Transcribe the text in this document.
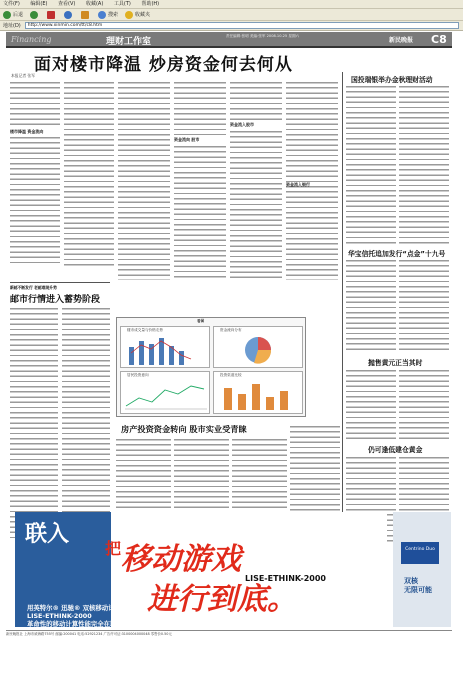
文件(F) 编辑(E) 查看(V) 收藏(A) 工具(T) 帮助(H)
后退	搜索	收藏夹
地址(D)	http://www.xinmin.com/tt/c8.htm
Financing	理财工作室
责任编辑:张明 美编:张军 2008.10.25 星期六
新民晚报 C8
面对楼市降温 炒房资金何去何从
本报记者 张军
楼市降温 资金流向
资金流向 股市
资金流入股市
资金流入银行
国投瑞银举办金秋理财活动
华宝信托追加发行“点金”十九号
抛售黄元正当其时
仍可逢低建仓黄金
新邮不断发行 老邮难现升势
邮市行情进入蓄势阶段
看图
楼市成交量与价格走势	资金流向分布
居民投资意向	投资渠道比较
房产投资资金转向 股市实业受青睐
联入
把 移动游戏
进行到底。
LISE-ETHINK-2000
用英特尔® 迅驰® 双核移动计算技术驱动
LISE-ETHINK-2000
革命性的移动计算性能完全在联睿足之中
Centrino Duo
双核
无限可能
新民晚报社 上海市威海路755号 邮编:200041 电话:52921234 广告许可证:3100004000048 零售价0.50元
